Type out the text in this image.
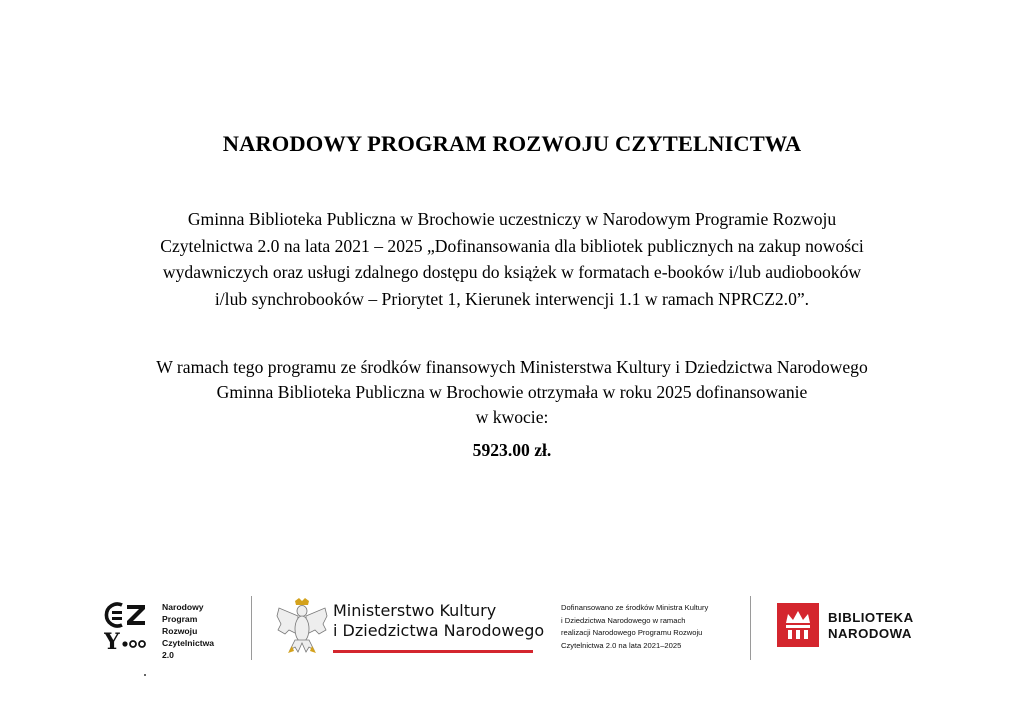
NARODOWY PROGRAM ROZWOJU CZYTELNICTWA
Gminna Biblioteka Publiczna w Brochowie uczestniczy w Narodowym Programie Rozwoju
Czytelnictwa 2.0 na lata 2021 – 2025 „Dofinansowania dla bibliotek publicznych na zakup nowości
wydawniczych oraz usługi zdalnego dostępu do książek w formatach e-booków i/lub audiobooków
i/lub synchrobooków – Priorytet 1, Kierunek interwencji 1.1 w ramach NPRCZ2.0”.
W ramach tego programu ze środków finansowych Ministerstwa Kultury i Dziedzictwa Narodowego
Gminna Biblioteka Publiczna w Brochowie otrzymała w roku 2025 dofinansowanie
w kwocie:
5923.00 zł.
Y
Narodowy
Program
Rozwoju
Czytelnictwa
2.0
Ministerstwo Kultury
i Dziedzictwa Narodowego
Dofinansowano ze środków Ministra Kultury
i Dziedzictwa Narodowego w ramach
realizacji Narodowego Programu Rozwoju
Czytelnictwa 2.0 na lata 2021–2025
BIBLIOTEKA
NARODOWA
